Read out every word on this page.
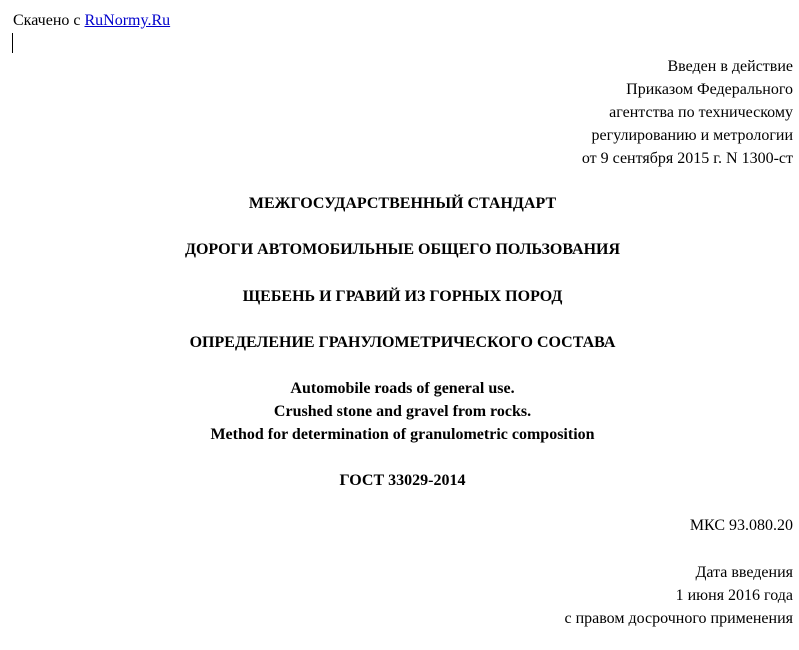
Скачено с RuNormy.Ru
Введен в действие
Приказом Федерального
агентства по техническому
регулированию и метрологии
от 9 сентября 2015 г. N 1300-ст
МЕЖГОСУДАРСТВЕННЫЙ СТАНДАРТ
ДОРОГИ АВТОМОБИЛЬНЫЕ ОБЩЕГО ПОЛЬЗОВАНИЯ
ЩЕБЕНЬ И ГРАВИЙ ИЗ ГОРНЫХ ПОРОД
ОПРЕДЕЛЕНИЕ ГРАНУЛОМЕТРИЧЕСКОГО СОСТАВА
Automobile roads of general use.
Crushed stone and gravel from rocks.
Method for determination of granulometric composition
ГОСТ 33029-2014
МКС 93.080.20
Дата введения
1 июня 2016 года
с правом досрочного применения
